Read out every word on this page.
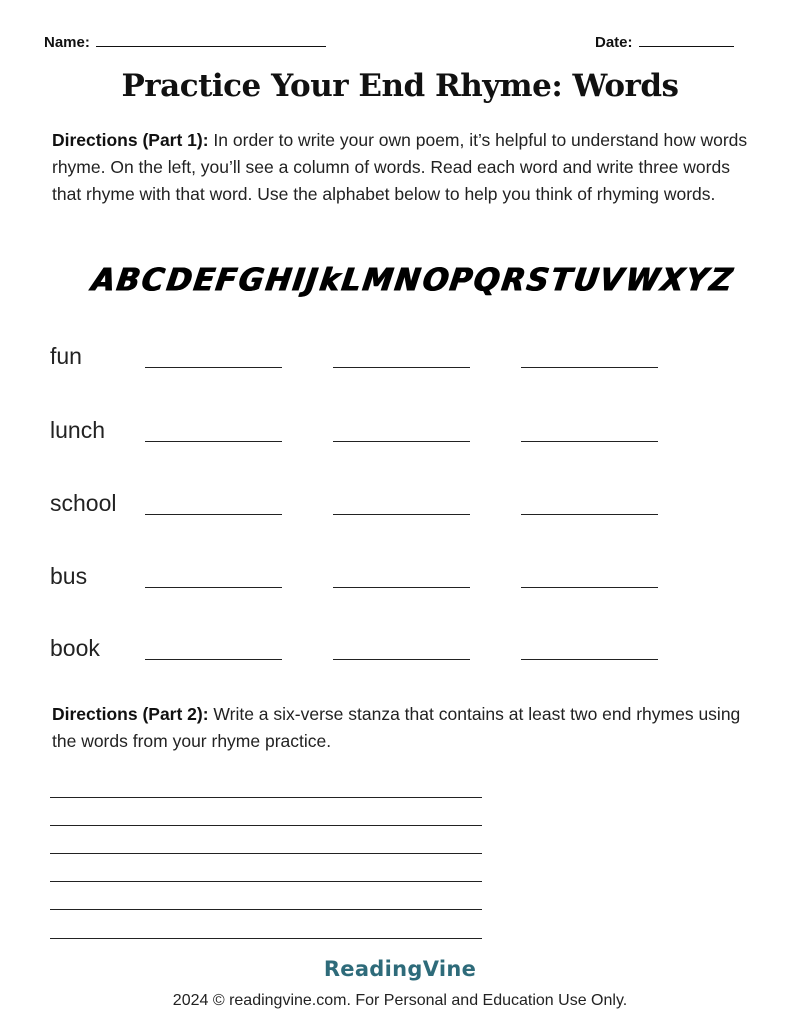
Name:	Date:
Practice Your End Rhyme: Words
Directions (Part 1): In order to write your own poem, it’s helpful to understand how words rhyme. On the left, you’ll see a column of words. Read each word and write three words that rhyme with that word. Use the alphabet below to help you think of rhyming words.
A
B
C
D
E
F
G
H
I
J
k
L
M
N
O
P
Q
R
S
T
U
V
W
X
Y
Z
fun
lunch
school
bus
book
Directions (Part 2): Write a six-verse stanza that contains at least two end rhymes using the words from your rhyme practice.
ReadingVine
2024 © readingvine.com. For Personal and Education Use Only.
